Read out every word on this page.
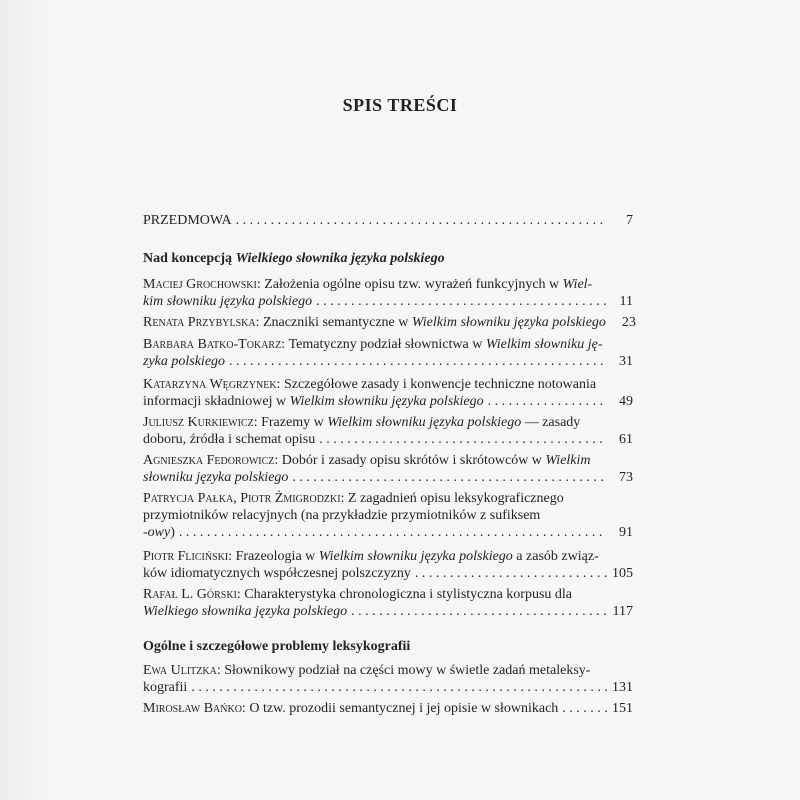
SPIS TREŚCI
PRZEDMOWA . . .	7
Nad koncepcją Wielkiego słownika języka polskiego
Maciej Grochowski: Założenia ogólne opisu tzw. wyrażeń funkcyjnych w Wiel-
kim słowniku języka polskiego . . .	11
Renata Przybylska: Znaczniki semantyczne w Wielkim słowniku języka polskiego	23
Barbara Batko-Tokarz: Tematyczny podział słownictwa w Wielkim słowniku ję-
zyka polskiego . . .	31
Katarzyna Węgrzynek: Szczegółowe zasady i konwencje techniczne notowania
informacji składniowej w Wielkim słowniku języka polskiego . . .	49
Juliusz Kurkiewicz: Frazemy w Wielkim słowniku języka polskiego — zasady
doboru, źródła i schemat opisu . . .	61
Agnieszka Fedorowicz: Dobór i zasady opisu skrótów i skrótowców w Wielkim
słowniku języka polskiego . . .	73
Patrycja Pałka, Piotr Żmigrodzki: Z zagadnień opisu leksykograficznego
przymiotników relacyjnych (na przykładzie przymiotników z sufiksem
-owy) . . .	91
Piotr Fliciński: Frazeologia w Wielkim słowniku języka polskiego a zasób związ-
ków idiomatycznych współczesnej polszczyzny . . .	105
Rafał L. Górski: Charakterystyka chronologiczna i stylistyczna korpusu dla
Wielkiego słownika języka polskiego . . .	117
Ogólne i szczegółowe problemy leksykografii
Ewa Ulitzka: Słownikowy podział na części mowy w świetle zadań metaleksy-
kografii . . .	131
Mirosław Bańko: O tzw. prozodii semantycznej i jej opisie w słownikach . . .	151
